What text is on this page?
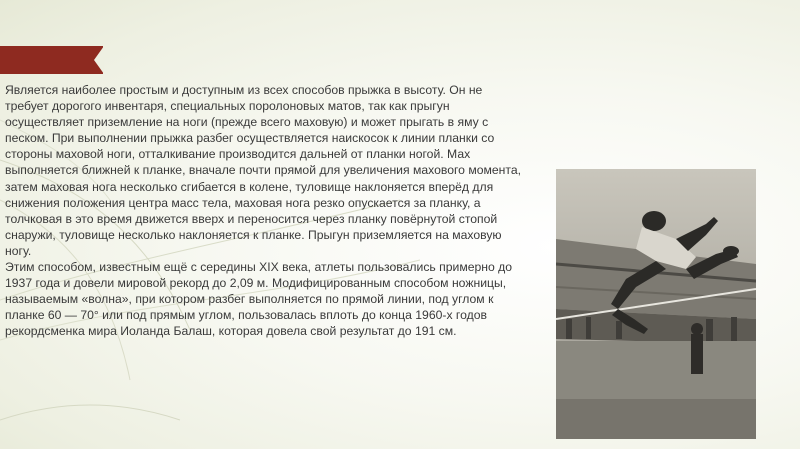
Является наиболее простым и доступным из всех способов прыжка в высоту. Он не требует дорогого инвентаря, специальных поролоновых матов, так как прыгун осуществляет приземление на ноги (прежде всего маховую) и может прыгать в яму с песком. При выполнении прыжка разбег осуществляется наискосок к линии планки со стороны маховой ноги, отталкивание производится дальней от планки ногой. Мах выполняется ближней к планке, вначале почти прямой для увеличения махового момента, затем маховая нога несколько сгибается в колене, туловище наклоняется вперёд для снижения положения центра масс тела, маховая нога резко опускается за планку, а толчковая в это время движется вверх и переносится через планку повёрнутой стопой снаружи, туловище несколько наклоняется к планке. Прыгун приземляется на маховую ногу.

Этим способом, известным ещё с середины XIX века, атлеты пользовались примерно до 1937 года и довели мировой рекорд до 2,09 м. Модифицированным способом ножницы, называемым «волна», при котором разбег выполняется по прямой линии, под углом к планке 60 — 70° или под прямым углом, пользовалась вплоть до конца 1960-х годов рекордсменка мира Иоланда Балаш, которая довела свой результат до 191 см.
